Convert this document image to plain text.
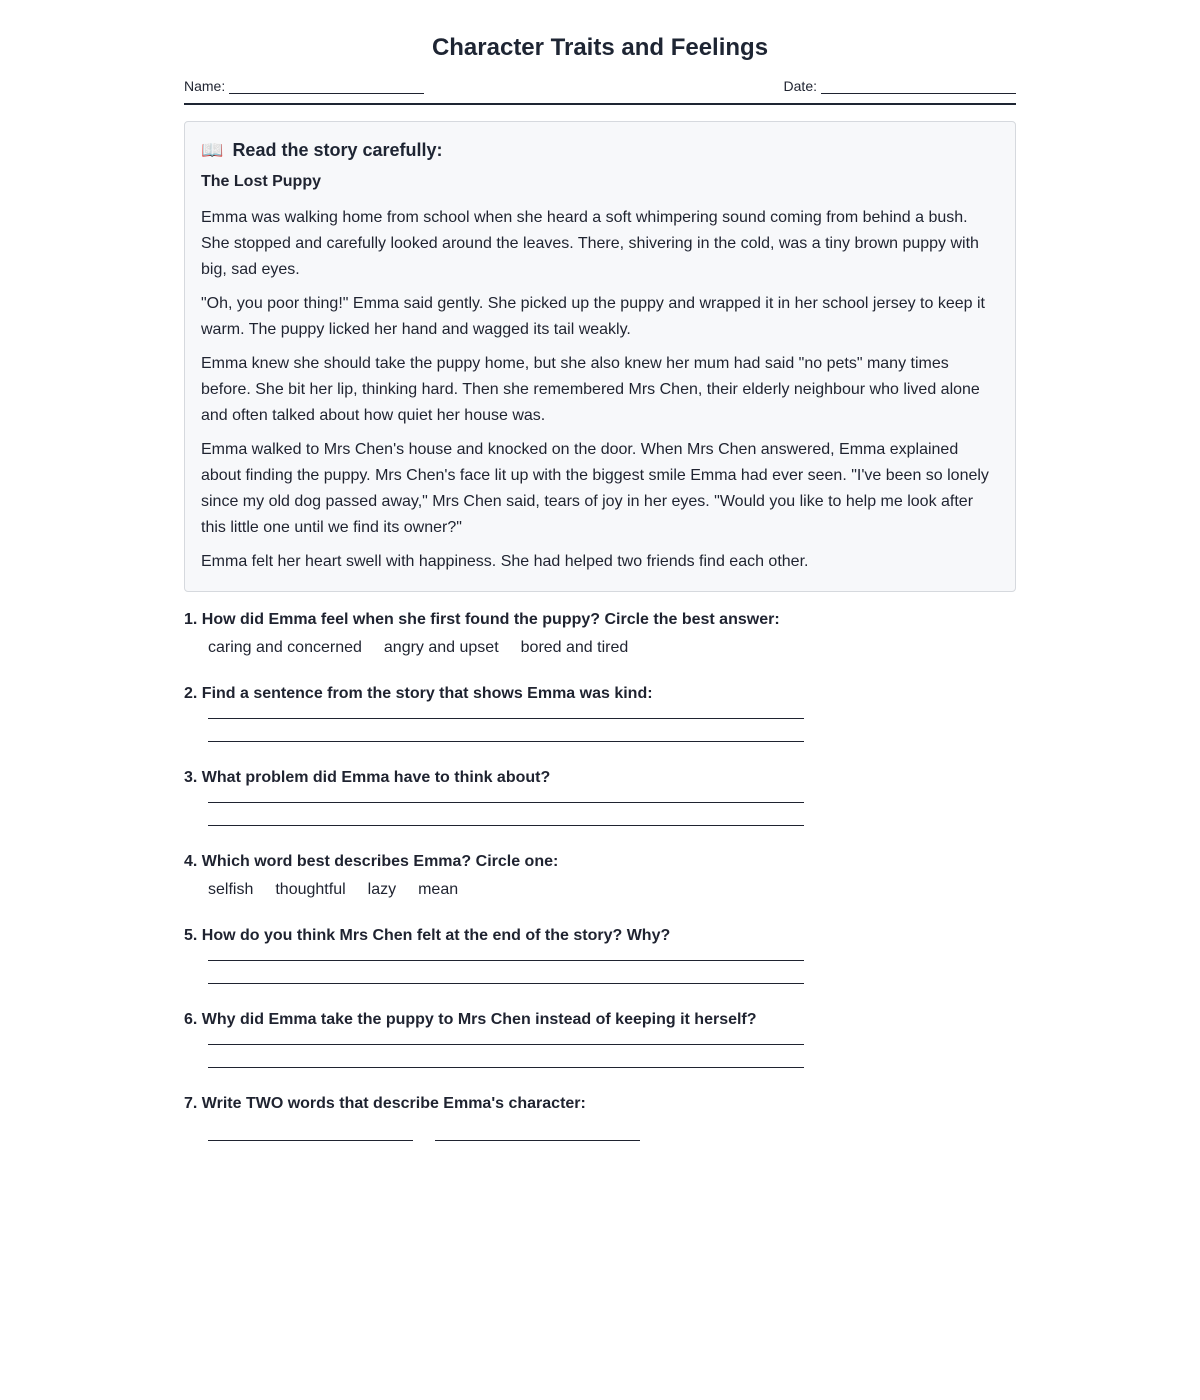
Character Traits and Feelings
Name:	Date:
📖 Read the story carefully:
The Lost Puppy

Emma was walking home from school when she heard a soft whimpering sound coming from behind a bush. She stopped and carefully looked around the leaves. There, shivering in the cold, was a tiny brown puppy with big, sad eyes.

"Oh, you poor thing!" Emma said gently. She picked up the puppy and wrapped it in her school jersey to keep it warm. The puppy licked her hand and wagged its tail weakly.

Emma knew she should take the puppy home, but she also knew her mum had said "no pets" many times before. She bit her lip, thinking hard. Then she remembered Mrs Chen, their elderly neighbour who lived alone and often talked about how quiet her house was.

Emma walked to Mrs Chen's house and knocked on the door. When Mrs Chen answered, Emma explained about finding the puppy. Mrs Chen's face lit up with the biggest smile Emma had ever seen. "I've been so lonely since my old dog passed away," Mrs Chen said, tears of joy in her eyes. "Would you like to help me look after this little one until we find its owner?"

Emma felt her heart swell with happiness. She had helped two friends find each other.

1. How did Emma feel when she first found the puppy? Circle the best answer:
caring and concerned angry and upset bored and tired
2. Find a sentence from the story that shows Emma was kind:
3. What problem did Emma have to think about?
4. Which word best describes Emma? Circle one:
selfish thoughtful lazy mean
5. How do you think Mrs Chen felt at the end of the story? Why?
6. Why did Emma take the puppy to Mrs Chen instead of keeping it herself?
7. Write TWO words that describe Emma's character:
